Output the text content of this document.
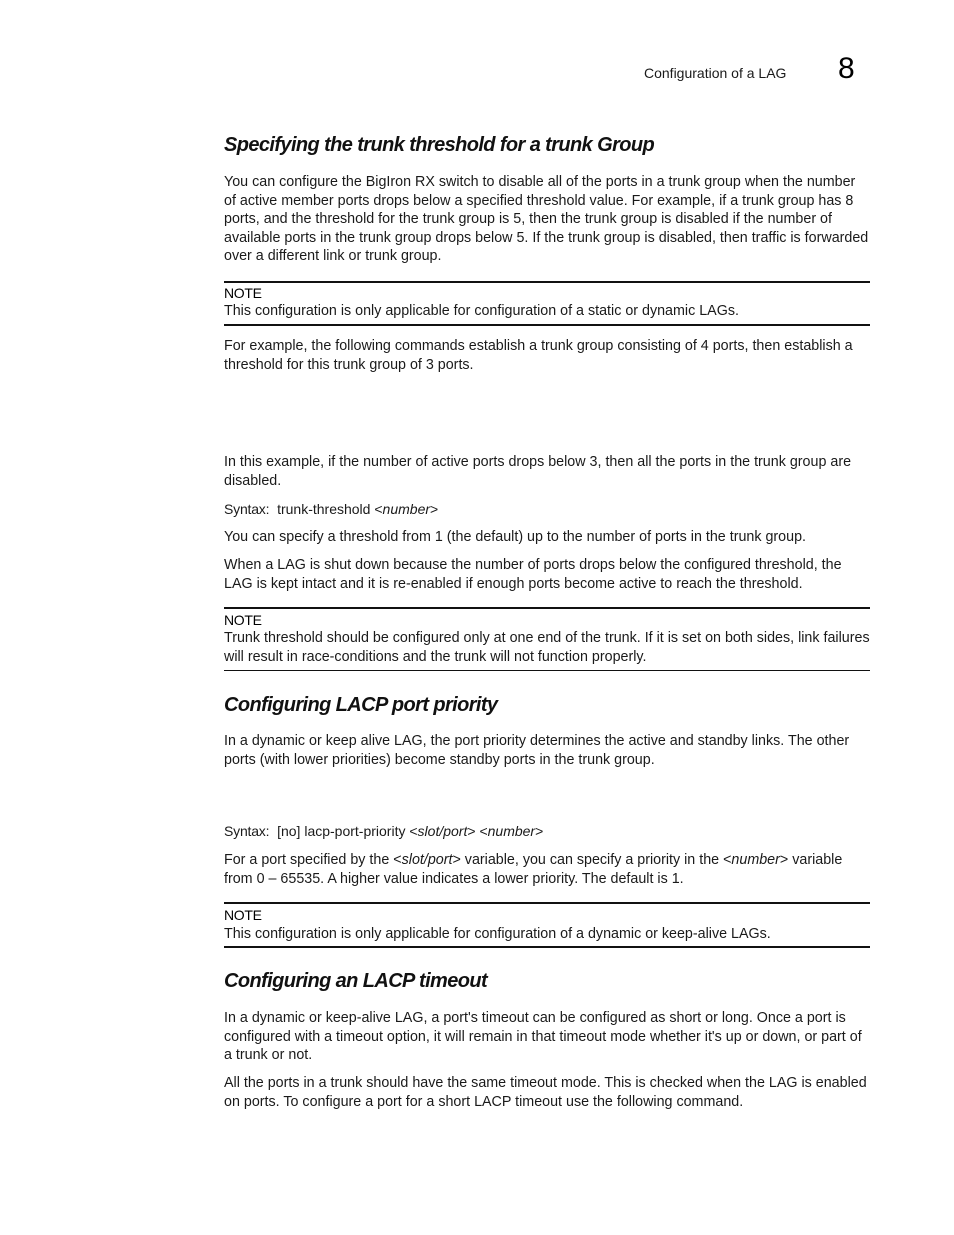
Configuration of a LAG 8
Specifying the trunk threshold for a trunk Group

You can configure the BigIron RX switch to disable all of the ports in a trunk group when the number of active member ports drops below a specified threshold value. For example, if a trunk group has 8 ports, and the threshold for the trunk group is 5, then the trunk group is disabled if the number of available ports in the trunk group drops below 5. If the trunk group is disabled, then traffic is forwarded over a different link or trunk group.

NOTE

This configuration is only applicable for configuration of a static or dynamic LAGs.

For example, the following commands establish a trunk group consisting of 4 ports, then establish a threshold for this trunk group of 3 ports.

In this example, if the number of active ports drops below 3, then all the ports in the trunk group are disabled.

Syntax: trunk-threshold <number>

You can specify a threshold from 1 (the default) up to the number of ports in the trunk group.

When a LAG is shut down because the number of ports drops below the configured threshold, the LAG is kept intact and it is re-enabled if enough ports become active to reach the threshold.

NOTE

Trunk threshold should be configured only at one end of the trunk. If it is set on both sides, link failures will result in race-conditions and the trunk will not function properly.

Configuring LACP port priority

In a dynamic or keep alive LAG, the port priority determines the active and standby links. The other ports (with lower priorities) become standby ports in the trunk group.

Syntax: [no] lacp-port-priority <slot/port> <number>

For a port specified by the <slot/port> variable, you can specify a priority in the <number> variable from 0 – 65535. A higher value indicates a lower priority. The default is 1.

NOTE

This configuration is only applicable for configuration of a dynamic or keep-alive LAGs.

Configuring an LACP timeout

In a dynamic or keep-alive LAG, a port's timeout can be configured as short or long. Once a port is configured with a timeout option, it will remain in that timeout mode whether it's up or down, or part of a trunk or not.

All the ports in a trunk should have the same timeout mode. This is checked when the LAG is enabled on ports. To configure a port for a short LACP timeout use the following command.
